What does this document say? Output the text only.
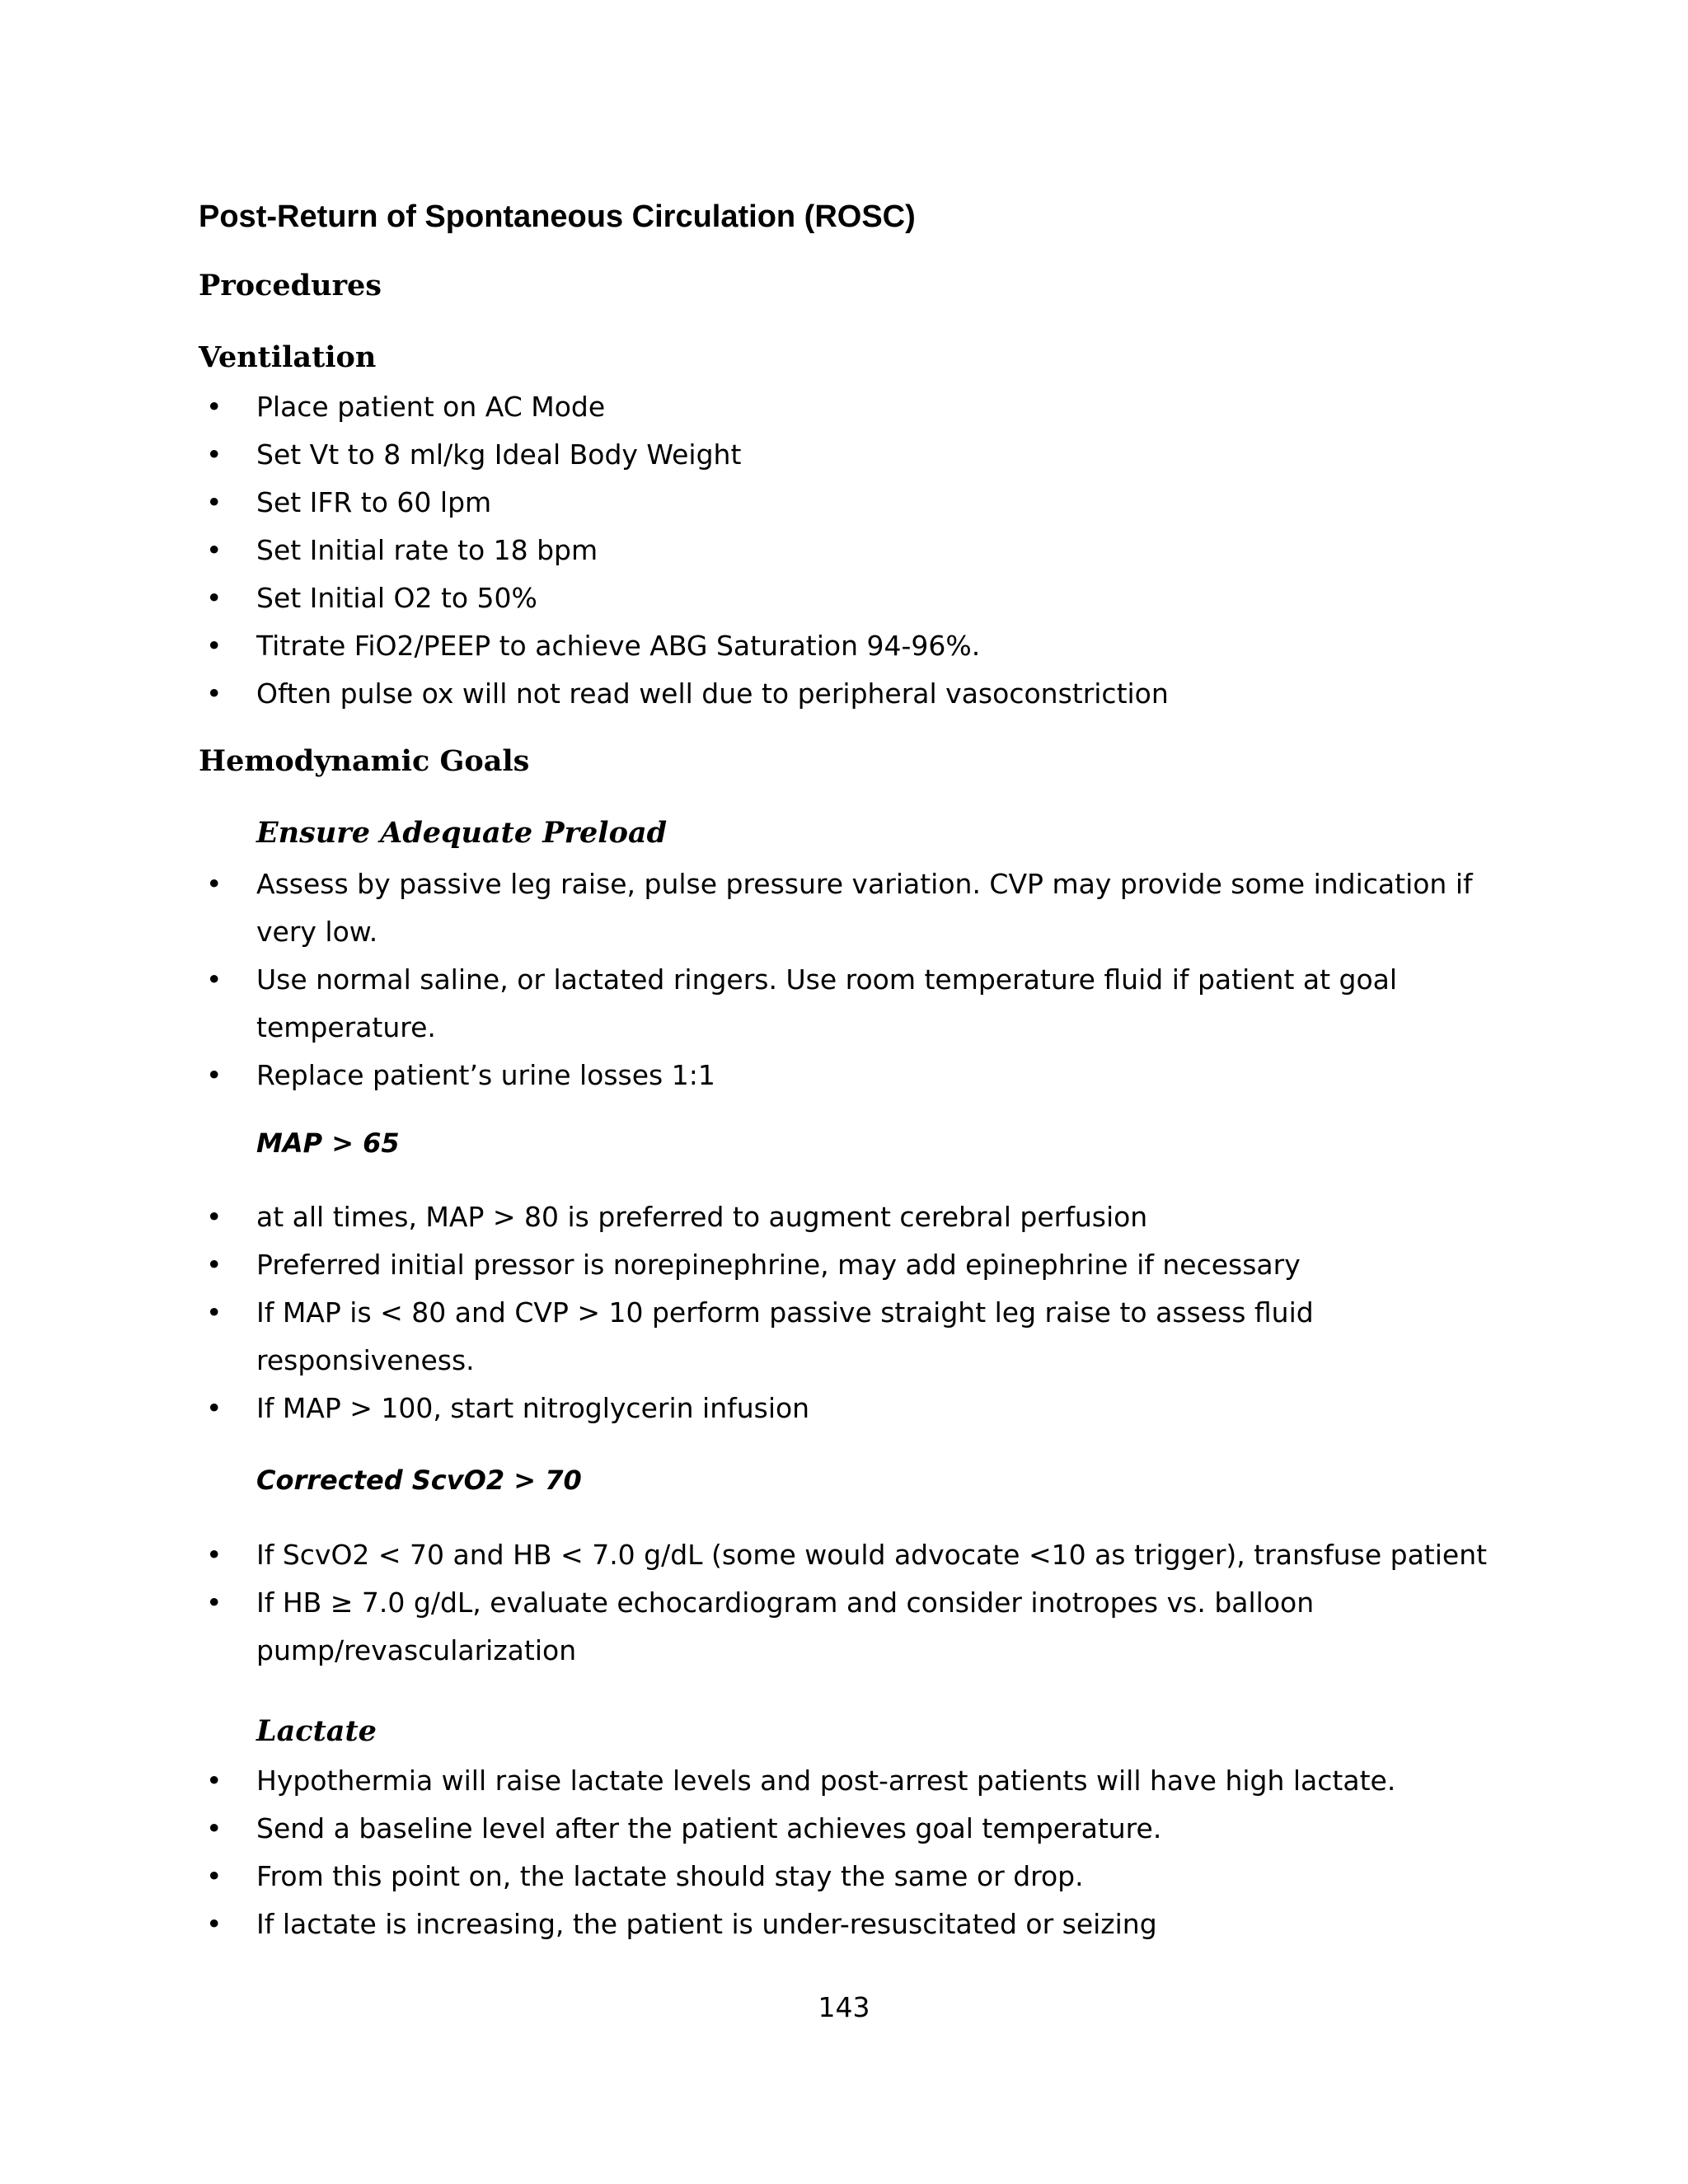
Post-Return of Spontaneous Circulation (ROSC)
Procedures
Ventilation
• Place patient on AC Mode
• Set Vt to 8 ml/kg Ideal Body Weight
• Set IFR to 60 lpm
• Set Initial rate to 18 bpm
• Set Initial O2 to 50%
• Titrate FiO2/PEEP to achieve ABG Saturation 94-96%.
• Often pulse ox will not read well due to peripheral vasoconstriction
Hemodynamic Goals
Ensure Adequate Preload
• Assess by passive leg raise, pulse pressure variation. CVP may provide some indication if
very low.
• Use normal saline, or lactated ringers. Use room temperature fluid if patient at goal
temperature.
• Replace patient’s urine losses 1:1
MAP > 65
• at all times, MAP > 80 is preferred to augment cerebral perfusion
• Preferred initial pressor is norepinephrine, may add epinephrine if necessary
• If MAP is < 80 and CVP > 10 perform passive straight leg raise to assess fluid
responsiveness.
• If MAP > 100, start nitroglycerin infusion
Corrected ScvO2 > 70
• If ScvO2 < 70 and HB < 7.0 g/dL (some would advocate <10 as trigger), transfuse patient
• If HB ≥ 7.0 g/dL, evaluate echocardiogram and consider inotropes vs. balloon
pump/revascularization
Lactate
• Hypothermia will raise lactate levels and post-arrest patients will have high lactate.
• Send a baseline level after the patient achieves goal temperature.
• From this point on, the lactate should stay the same or drop.
• If lactate is increasing, the patient is under-resuscitated or seizing
143
